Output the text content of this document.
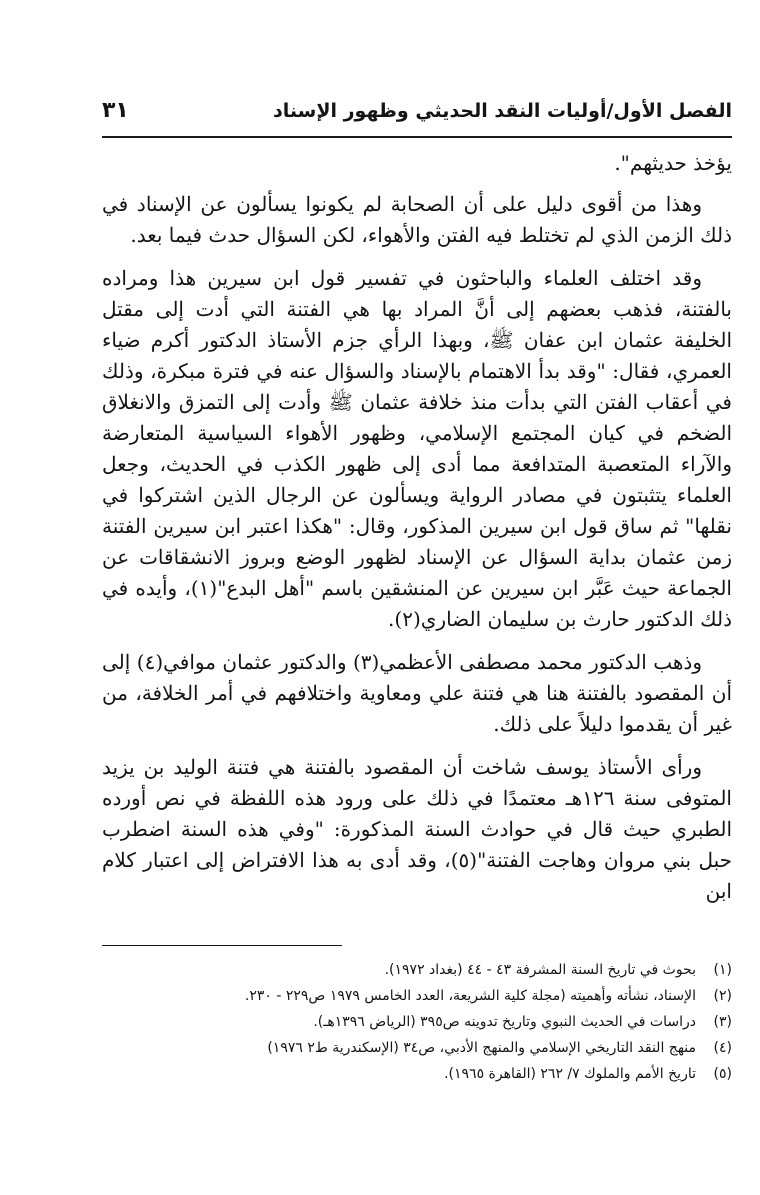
الفصل الأول/أوليات النقد الحديثي وظهور الإسناد
٣١

يؤخذ حديثهم".

وهذا من أقوى دليل على أن الصحابة لم يكونوا يسألون عن الإسناد في ذلك الزمن الذي لم تختلط فيه الفتن والأهواء، لكن السؤال حدث فيما بعد.

وقد اختلف العلماء والباحثون في تفسير قول ابن سيرين هذا ومراده بالفتنة، فذهب بعضهم إلى أنَّ المراد بها هي الفتنة التي أدت إلى مقتل الخليفة عثمان ابن عفان ﷺ، وبهذا الرأي جزم الأستاذ الدكتور أكرم ضياء العمري، فقال: "وقد بدأ الاهتمام بالإسناد والسؤال عنه في فترة مبكرة، وذلك في أعقاب الفتن التي بدأت منذ خلافة عثمان ﷺ وأدت إلى التمزق والانغلاق الضخم في كيان المجتمع الإسلامي، وظهور الأهواء السياسية المتعارضة والآراء المتعصبة المتدافعة مما أدى إلى ظهور الكذب في الحديث، وجعل العلماء يتثبتون في مصادر الرواية ويسألون عن الرجال الذين اشتركوا في نقلها" ثم ساق قول ابن سيرين المذكور، وقال: "هكذا اعتبر ابن سيرين الفتنة زمن عثمان بداية السؤال عن الإسناد لظهور الوضع وبروز الانشقاقات عن الجماعة حيث عَبَّر ابن سيرين عن المنشقين باسم "أهل البدع"(١)، وأيده في ذلك الدكتور حارث بن سليمان الضاري(٢).

وذهب الدكتور محمد مصطفى الأعظمي(٣) والدكتور عثمان موافي(٤) إلى أن المقصود بالفتنة هنا هي فتنة علي ومعاوية واختلافهم في أمر الخلافة، من غير أن يقدموا دليلاً على ذلك.

ورأى الأستاذ يوسف شاخت أن المقصود بالفتنة هي فتنة الوليد بن يزيد المتوفى سنة ١٢٦هـ معتمدًا في ذلك على ورود هذه اللفظة في نص أورده الطبري حيث قال في حوادث السنة المذكورة: "وفي هذه السنة اضطرب حبل بني مروان وهاجت الفتنة"(٥)، وقد أدى به هذا الافتراض إلى اعتبار كلام ابن

(١)بحوث في تاريخ السنة المشرفة ٤٣ - ٤٤ (بغداد ١٩٧٢).
(٢)الإسناد، نشأته وأهميته (مجلة كلية الشريعة، العدد الخامس ١٩٧٩ ص٢٢٩ - ٢٣٠.
(٣)دراسات في الحديث النبوي وتاريخ تدوينه ص٣٩٥ (الرياض ١٣٩٦هـ).
(٤)منهج النقد التاريخي الإسلامي والمنهج الأدبي، ص٣٤ (الإسكندرية ط٢ ١٩٧٦)
(٥)تاريخ الأمم والملوك ٧/ ٢٦٢ (القاهرة ١٩٦٥).
